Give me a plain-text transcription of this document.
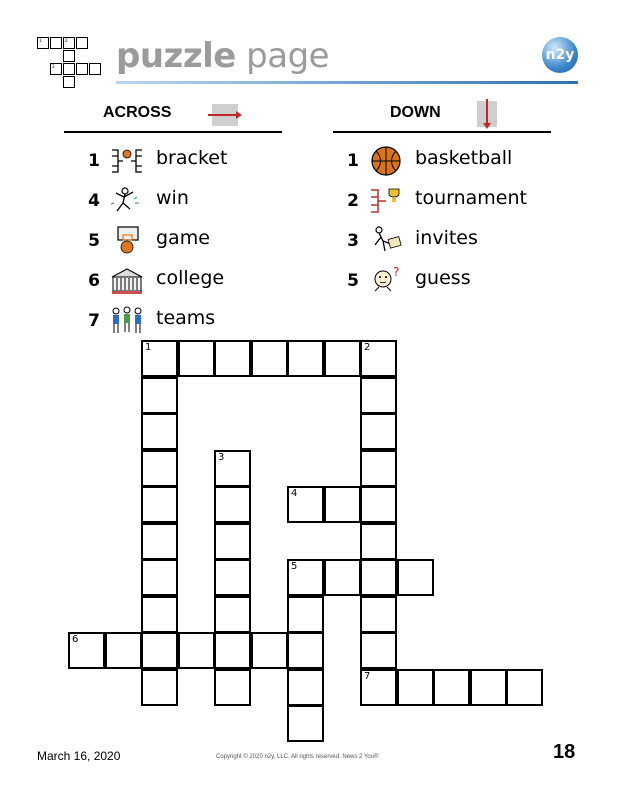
1	2
3 puzzle page	n2y
ACROSS	DOWN
1	bracket
4	win
5	game
6	college
7	teams
1	basketball
2	tournament
3	invites
5	? guess
1	2
3
4
5
6
7
March 16, 2020	Copyright © 2020 n2y, LLC. All rights reserved. News 2 You®	18
